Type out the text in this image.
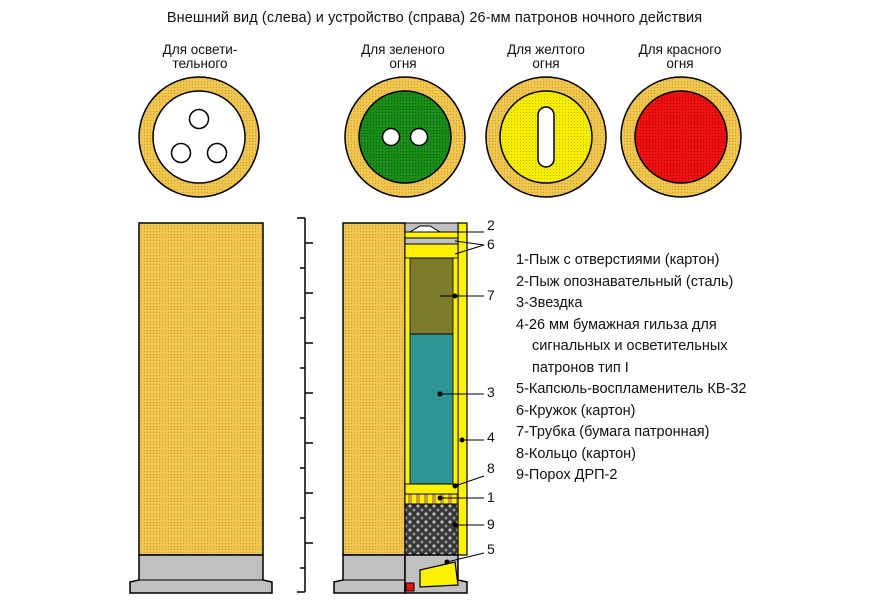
Внешний вид (слева) и устройство (справа) 26-мм патронов ночного действия
Для освети-
тельного
Для зеленого
огня
Для желтого
огня
Для красного
огня
2
6
7
3
4
8
1
9
5
1-Пыж с отверстиями (картон)
2-Пыж опознавательный (сталь)
3-Звездка
4-26 мм бумажная гильза для
сигнальных и осветительных
патронов тип I
5-Капсюль-воспламенитель КВ-32
6-Кружок (картон)
7-Трубка (бумага патронная)
8-Кольцо (картон)
9-Порох ДРП-2
